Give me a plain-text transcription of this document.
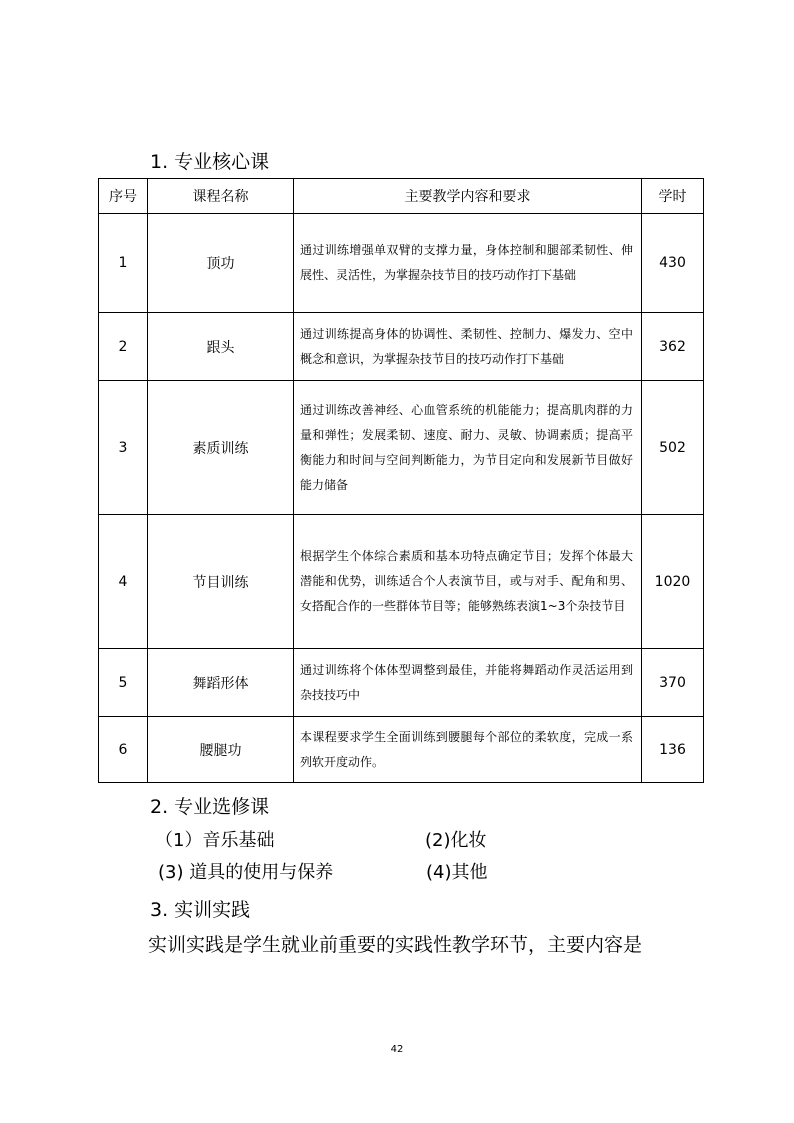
1. 专业核心课
序号	课程名称	主要教学内容和要求	学时
1	顶功	通过训练增强单双臂的支撑力量，身体控制和腿部柔韧性、伸展性、灵活性，为掌握杂技节目的技巧动作打下基础	430
2	跟头	通过训练提高身体的协调性、柔韧性、控制力、爆发力、空中概念和意识，为掌握杂技节目的技巧动作打下基础	362
3	素质训练	通过训练改善神经、心血管系统的机能能力；提高肌肉群的力量和弹性；发展柔韧、速度、耐力、灵敏、协调素质；提高平衡能力和时间与空间判断能力，为节目定向和发展新节目做好能力储备	502
4	节目训练	根据学生个体综合素质和基本功特点确定节目；发挥个体最大潜能和优势，训练适合个人表演节目，或与对手、配角和男、女搭配合作的一些群体节目等；能够熟练表演1~3个杂技节目	1020
5	舞蹈形体	通过训练将个体体型调整到最佳，并能将舞蹈动作灵活运用到杂技技巧中	370
6	腰腿功	本课程要求学生全面训练到腰腿每个部位的柔软度，完成一系列软开度动作。	136
2. 专业选修课
（1）音乐基础	(2)化妆
(3) 道具的使用与保养	(4)其他
3. 实训实践
实训实践是学生就业前重要的实践性教学环节，主要内容是
42
